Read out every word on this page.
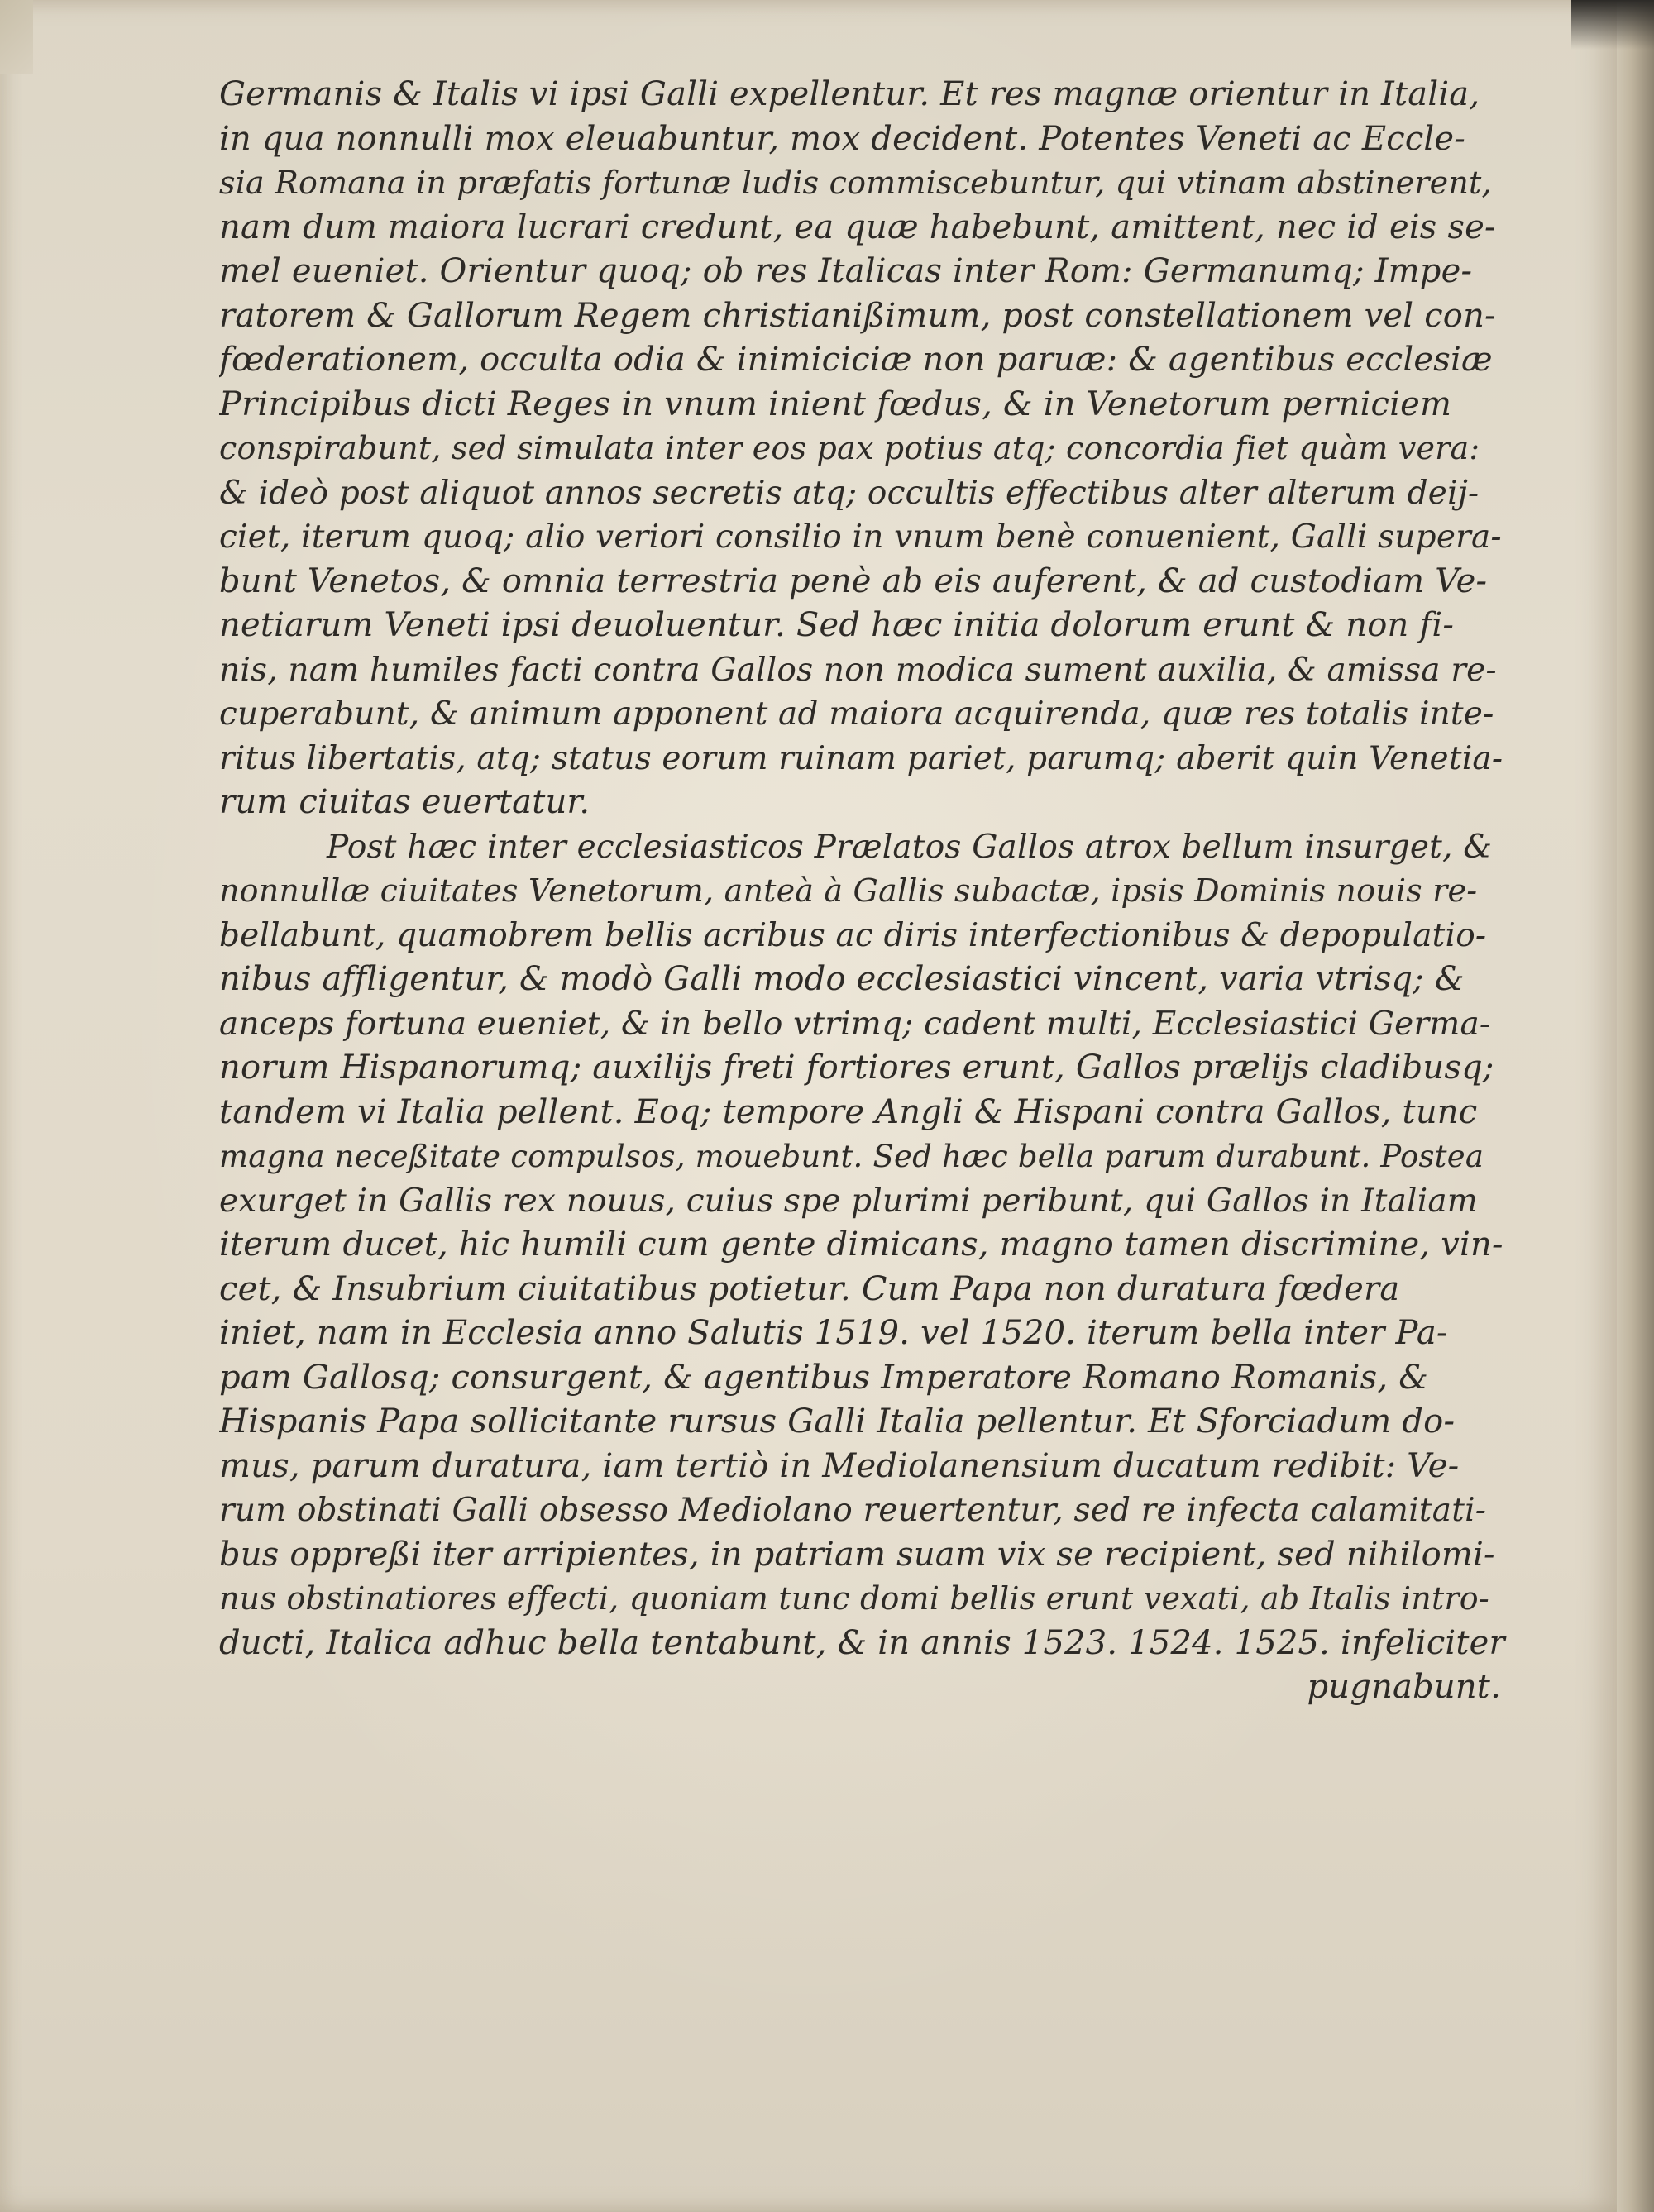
Germanis & Italis vi ipsi Galli expellentur. Et res magnæ orientur in Italia,
in qua nonnulli mox eleuabuntur, mox decident. Potentes Veneti ac Eccle-
sia Romana in præfatis fortunæ ludis commiscebuntur, qui vtinam abstinerent,
nam dum maiora lucrari credunt, ea quæ habebunt, amittent, nec id eis se-
mel eueniet. Orientur quoq; ob res Italicas inter Rom: Germanumq; Impe-
ratorem & Gallorum Regem christianißimum, post constellationem vel con-
fœderationem, occulta odia & inimiciciæ non paruæ: & agentibus ecclesiæ
Principibus dicti Reges in vnum inient fœdus, & in Venetorum perniciem
conspirabunt, sed simulata inter eos pax potius atq; concordia fiet quàm vera:
& ideò post aliquot annos secretis atq; occultis effectibus alter alterum deij-
ciet, iterum quoq; alio veriori consilio in vnum benè conuenient, Galli supera-
bunt Venetos, & omnia terrestria penè ab eis auferent, & ad custodiam Ve-
netiarum Veneti ipsi deuoluentur. Sed hæc initia dolorum erunt & non fi-
nis, nam humiles facti contra Gallos non modica sument auxilia, & amissa re-
cuperabunt, & animum apponent ad maiora acquirenda, quæ res totalis inte-
ritus libertatis, atq; status eorum ruinam pariet, parumq; aberit quin Venetia-
rum ciuitas euertatur.
Post hæc inter ecclesiasticos Prælatos Gallos atrox bellum insurget, &
nonnullæ ciuitates Venetorum, anteà à Gallis subactæ, ipsis Dominis nouis re-
bellabunt, quamobrem bellis acribus ac diris interfectionibus & depopulatio-
nibus affligentur, & modò Galli modo ecclesiastici vincent, varia vtrisq; &
anceps fortuna eueniet, & in bello vtrimq; cadent multi, Ecclesiastici Germa-
norum Hispanorumq; auxilijs freti fortiores erunt, Gallos prælijs cladibusq;
tandem vi Italia pellent. Eoq; tempore Angli & Hispani contra Gallos, tunc
magna neceßitate compulsos, mouebunt. Sed hæc bella parum durabunt. Postea
exurget in Gallis rex nouus, cuius spe plurimi peribunt, qui Gallos in Italiam
iterum ducet, hic humili cum gente dimicans, magno tamen discrimine, vin-
cet, & Insubrium ciuitatibus potietur. Cum Papa non duratura fœdera
iniet, nam in Ecclesia anno Salutis 1519. vel 1520. iterum bella inter Pa-
pam Gallosq; consurgent, & agentibus Imperatore Romano Romanis, &
Hispanis Papa sollicitante rursus Galli Italia pellentur. Et Sforciadum do-
mus, parum duratura, iam tertiò in Mediolanensium ducatum redibit: Ve-
rum obstinati Galli obsesso Mediolano reuertentur, sed re infecta calamitati-
bus oppreßi iter arripientes, in patriam suam vix se recipient, sed nihilomi-
nus obstinatiores effecti, quoniam tunc domi bellis erunt vexati, ab Italis intro-
ducti, Italica adhuc bella tentabunt, & in annis 1523. 1524. 1525. infeliciter
pugnabunt.
